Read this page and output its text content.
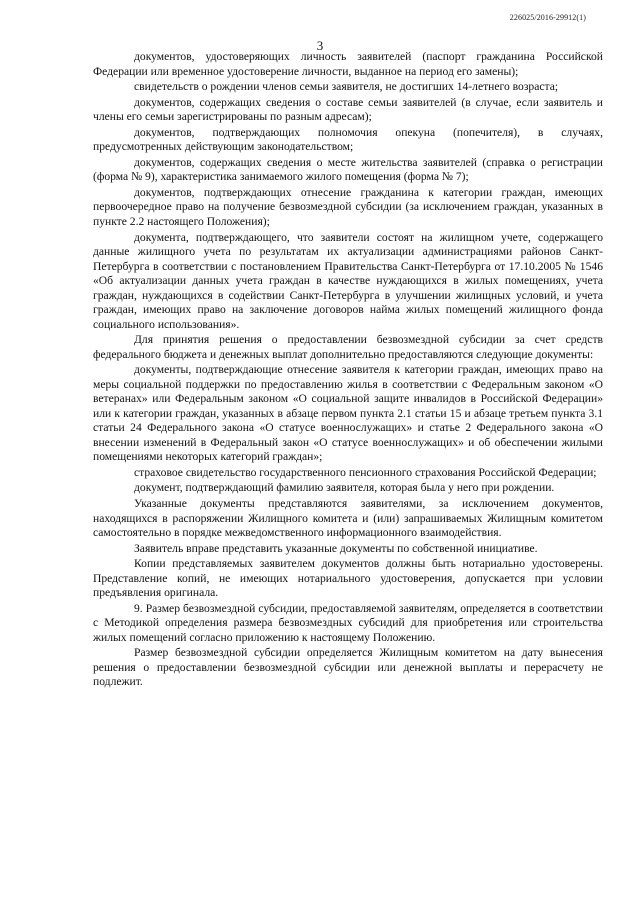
226025/2016-29912(1)
3

документов, удостоверяющих личность заявителей (паспорт гражданина Российской Федерации или временное удостоверение личности, выданное на период его замены);

свидетельств о рождении членов семьи заявителя, не достигших 14-летнего возраста;

документов, содержащих сведения о составе семьи заявителей (в случае, если заявитель и члены его семьи зарегистрированы по разным адресам);

документов, подтверждающих полномочия опекуна (попечителя), в случаях, предусмотренных действующим законодательством;

документов, содержащих сведения о месте жительства заявителей (справка о регистрации (форма № 9), характеристика занимаемого жилого помещения (форма № 7);

документов, подтверждающих отнесение гражданина к категории граждан, имеющих первоочередное право на получение безвозмездной субсидии (за исключением граждан, указанных в пункте 2.2 настоящего Положения);

документа, подтверждающего, что заявители состоят на жилищном учете, содержащего данные жилищного учета по результатам их актуализации администрациями районов Санкт-Петербурга в соответствии с постановлением Правительства Санкт-Петербурга от 17.10.2005 № 1546 «Об актуализации данных учета граждан в качестве нуждающихся в жилых помещениях, учета граждан, нуждающихся в содействии Санкт-Петербурга в улучшении жилищных условий, и учета граждан, имеющих право на заключение договоров найма жилых помещений жилищного фонда социального использования».

Для принятия решения о предоставлении безвозмездной субсидии за счет средств федерального бюджета и денежных выплат дополнительно предоставляются следующие документы:

документы, подтверждающие отнесение заявителя к категории граждан, имеющих право на меры социальной поддержки по предоставлению жилья в соответствии с Федеральным законом «О ветеранах» или Федеральным законом «О социальной защите инвалидов в Российской Федерации» или к категории граждан, указанных в абзаце первом пункта 2.1 статьи 15 и абзаце третьем пункта 3.1 статьи 24 Федерального закона «О статусе военнослужащих» и статье 2 Федерального закона «О внесении изменений в Федеральный закон «О статусе военнослужащих» и об обеспечении жилыми помещениями некоторых категорий граждан»;

страховое свидетельство государственного пенсионного страхования Российской Федерации;

документ, подтверждающий фамилию заявителя, которая была у него при рождении.

Указанные документы представляются заявителями, за исключением документов, находящихся в распоряжении Жилищного комитета и (или) запрашиваемых Жилищным комитетом самостоятельно в порядке межведомственного информационного взаимодействия.

Заявитель вправе представить указанные документы по собственной инициативе.

Копии представляемых заявителем документов должны быть нотариально удостоверены. Представление копий, не имеющих нотариального удостоверения, допускается при условии предъявления оригинала.

9. Размер безвозмездной субсидии, предоставляемой заявителям, определяется в соответствии с Методикой определения размера безвозмездных субсидий для приобретения или строительства жилых помещений согласно приложению к настоящему Положению.

Размер безвозмездной субсидии определяется Жилищным комитетом на дату вынесения решения о предоставлении безвозмездной субсидии или денежной выплаты и перерасчету не подлежит.
